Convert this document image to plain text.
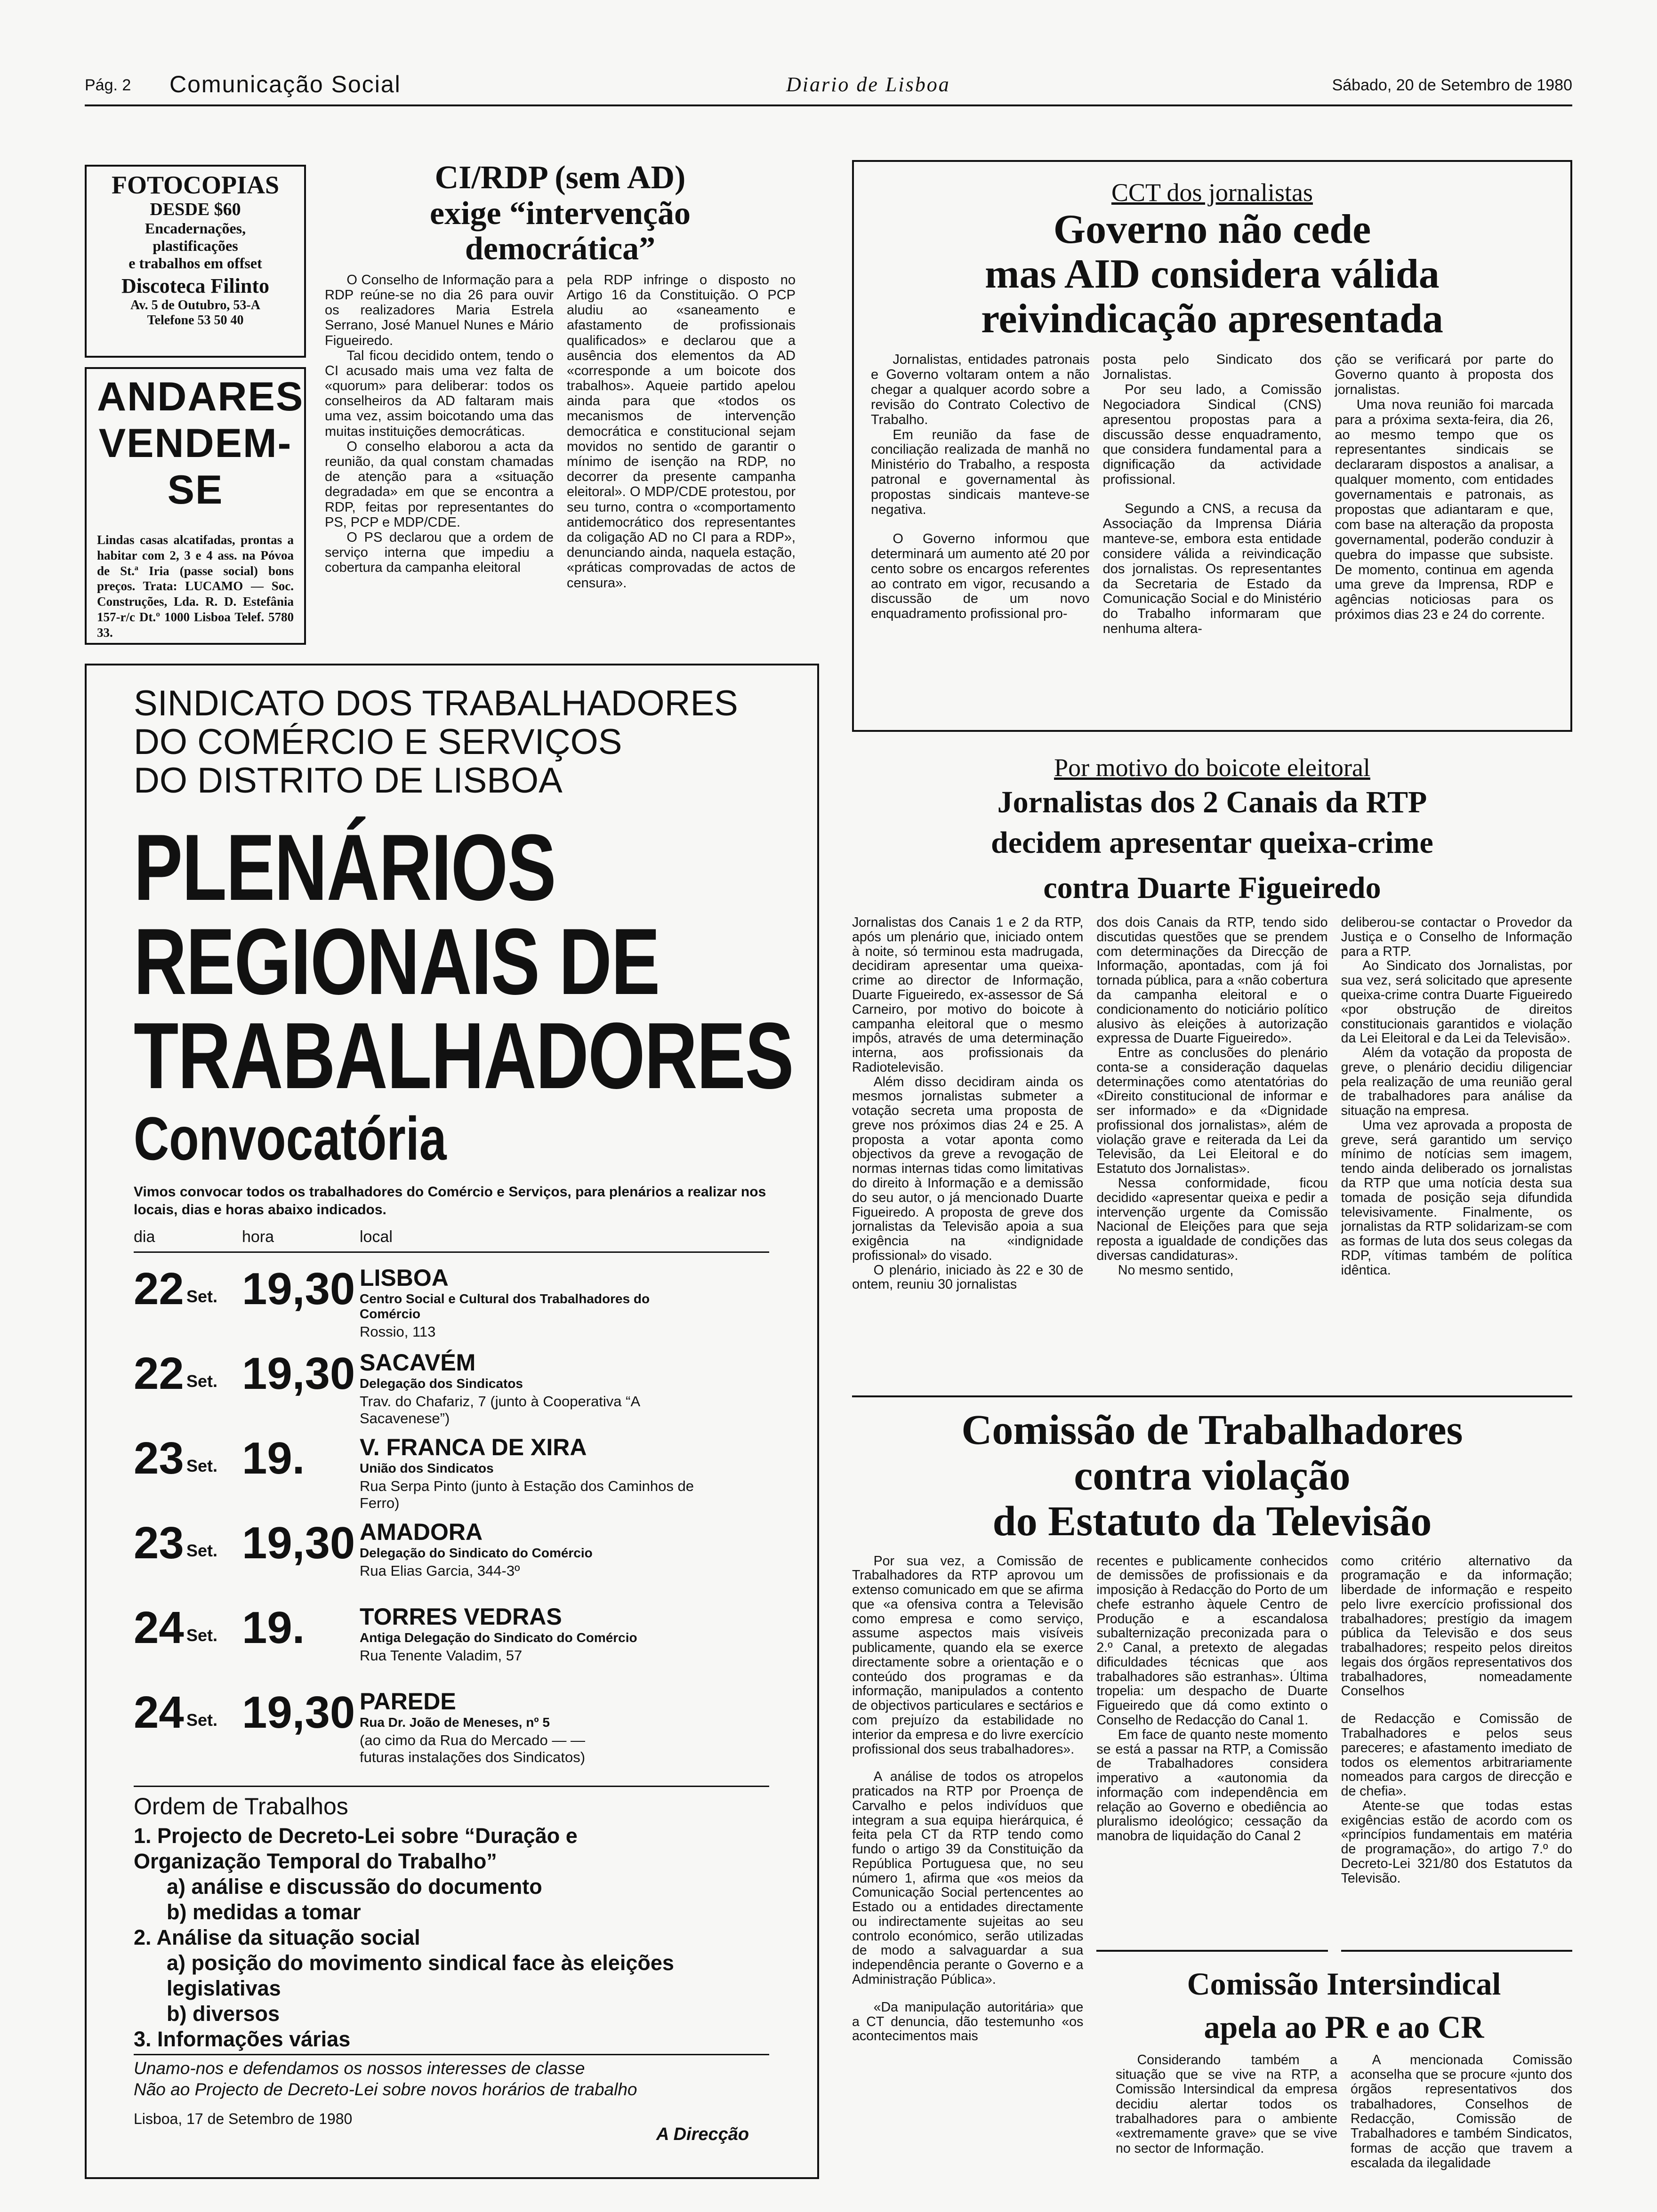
Pág. 2 Comunicação Social	Diario de Lisboa	Sábado, 20 de Setembro de 1980
FOTOCOPIAS
DESDE $60
Encadernações,
plastificações
e trabalhos em offset
Discoteca Filinto
Av. 5 de Outubro, 53-A
Telefone 53 50 40
ANDARES
VENDEM-SE
Lindas casas alcatifadas, prontas a habitar com 2, 3 e 4 ass. na Póvoa de St.ª Iria (passe social) bons preços. Trata: LUCAMO — Soc. Construções, Lda. R. D. Estefânia 157-r/c Dt.º 1000 Lisboa Telef. 5780 33.
CI/RDP (sem AD)
exige “intervenção
democrática”

O Conselho de Informação para a RDP reúne-se no dia 26 para ouvir os realizadores Maria Estrela Serrano, José Manuel Nunes e Mário Figueiredo.

Tal ficou decidido ontem, tendo o CI acusado mais uma vez falta de «quorum» para deliberar: todos os conselheiros da AD faltaram mais uma vez, assim boicotando uma das muitas instituições democráticas.

O conselho elaborou a acta da reunião, da qual constam chamadas de atenção para a «situação degradada» em que se encontra a RDP, feitas por representantes do PS, PCP e MDP/CDE.

O PS declarou que a ordem de serviço interna que impediu a cobertura da campanha eleitoral

pela RDP infringe o disposto no Artigo 16 da Constituição. O PCP aludiu ao «saneamento e afastamento de profissionais qualificados» e declarou que a ausência dos elementos da AD «corresponde a um boicote dos trabalhos». Aqueie partido apelou ainda para que «todos os mecanismos de intervenção democrática e constitucional sejam movidos no sentido de garantir o mínimo de isenção na RDP, no decorrer da presente campanha eleitoral». O MDP/CDE protestou, por seu turno, contra o «comportamento antidemocrático dos representantes da coligação AD no CI para a RDP», denunciando ainda, naquela estação, «práticas comprovadas de actos de censura».

CCT dos jornalistas
Governo não cede
mas AID considera válida
reivindicação apresentada

Jornalistas, entidades patronais e Governo voltaram ontem a não chegar a qualquer acordo sobre a revisão do Contrato Colectivo de Trabalho.

Em reunião da fase de conciliação realizada de manhã no Ministério do Trabalho, a resposta patronal e governamental às propostas sindicais manteve-se negativa.

O Governo informou que determinará um aumento até 20 por cento sobre os encargos referentes ao contrato em vigor, recusando a discussão de um novo enquadramento profissional pro-

posta pelo Sindicato dos Jornalistas.

Por seu lado, a Comissão Negociadora Sindical (CNS) apresentou propostas para a discussão desse enquadramento, que considera fundamental para a dignificação da actividade profissional.

Segundo a CNS, a recusa da Associação da Imprensa Diária manteve-se, embora esta entidade considere válida a reivindicação dos jornalistas. Os representantes da Secretaria de Estado da Comunicação Social e do Ministério do Trabalho informaram que nenhuma altera-

ção se verificará por parte do Governo quanto à proposta dos jornalistas.

Uma nova reunião foi marcada para a próxima sexta-feira, dia 26, ao mesmo tempo que os representantes sindicais se declararam dispostos a analisar, a qualquer momento, com entidades governamentais e patronais, as propostas que adiantaram e que, com base na alteração da proposta governamental, poderão conduzir à quebra do impasse que subsiste. De momento, continua em agenda uma greve da Imprensa, RDP e agências noticiosas para os próximos dias 23 e 24 do corrente.

SINDICATO DOS TRABALHADORES
DO COMÉRCIO E SERVIÇOS
DO DISTRITO DE LISBOA
PLENÁRIOS
REGIONAIS DE
TRABALHADORES
Convocatória
Vimos convocar todos os trabalhadores do Comércio e Serviços, para plenários a realizar nos locais, dias e horas abaixo indicados.
dia	hora	local
22 Set. 19,30 LISBOA
Centro Social e Cultural dos Trabalhadores do Comércio
Rossio, 113
22 Set. 19,30 SACAVÉM
Delegação dos Sindicatos
Trav. do Chafariz, 7 (junto à Cooperativa “A Sacavenese”)
23 Set. 19. V. FRANCA DE XIRA
União dos Sindicatos
Rua Serpa Pinto (junto à Estação dos Caminhos de Ferro)
23 Set. 19,30 AMADORA
Delegação do Sindicato do Comércio
Rua Elias Garcia, 344-3º
24 Set. 19. TORRES VEDRAS
Antiga Delegação do Sindicato do Comércio
Rua Tenente Valadim, 57
24 Set. 19,30 PAREDE
Rua Dr. João de Meneses, nº 5
(ao cimo da Rua do Mercado — — futuras instalações dos Sindicatos)
Ordem de Trabalhos
1. Projecto de Decreto-Lei sobre “Duração e
Organização Temporal do Trabalho”
a) análise e discussão do documento
b) medidas a tomar
2. Análise da situação social
a) posição do movimento sindical face às eleições
legislativas
b) diversos
3. Informações várias
Unamo-nos e defendamos os nossos interesses de classe
Não ao Projecto de Decreto-Lei sobre novos horários de trabalho
Lisboa, 17 de Setembro de 1980
A Direcção
Por motivo do boicote eleitoral
Jornalistas dos 2 Canais da RTP
decidem apresentar queixa-crime
contra Duarte Figueiredo

Jornalistas dos Canais 1 e 2 da RTP, após um plenário que, iniciado ontem à noite, só terminou esta madrugada, decidiram apresentar uma queixa-crime ao director de Informação, Duarte Figueiredo, ex-assessor de Sá Carneiro, por motivo do boicote à campanha eleitoral que o mesmo impôs, através de uma determinação interna, aos profissionais da Radiotelevisão.

Além disso decidiram ainda os mesmos jornalistas submeter a votação secreta uma proposta de greve nos próximos dias 24 e 25. A proposta a votar aponta como objectivos da greve a revogação de normas internas tidas como limitativas do direito à Informação e a demissão do seu autor, o já mencionado Duarte Figueiredo. A proposta de greve dos jornalistas da Televisão apoia a sua exigência na «indignidade profissional» do visado.

O plenário, iniciado às 22 e 30 de ontem, reuniu 30 jornalistas

dos dois Canais da RTP, tendo sido discutidas questões que se prendem com determinações da Direcção de Informação, apontadas, com já foi tornada pública, para a «não cobertura da campanha eleitoral e o condicionamento do noticiário político alusivo às eleições à autorização expressa de Duarte Figueiredo».

Entre as conclusões do plenário conta-se a consideração daquelas determinações como atentatórias do «Direito constitucional de informar e ser informado» e da «Dignidade profissional dos jornalistas», além de violação grave e reiterada da Lei da Televisão, da Lei Eleitoral e do Estatuto dos Jornalistas».

Nessa conformidade, ficou decidido «apresentar queixa e pedir a intervenção urgente da Comissão Nacional de Eleições para que seja reposta a igualdade de condições das diversas candidaturas».

No mesmo sentido,

deliberou-se contactar o Provedor da Justiça e o Conselho de Informação para a RTP.

Ao Sindicato dos Jornalistas, por sua vez, será solicitado que apresente queixa-crime contra Duarte Figueiredo «por obstrução de direitos constitucionais garantidos e violação da Lei Eleitoral e da Lei da Televisão».

Além da votação da proposta de greve, o plenário decidiu diligenciar pela realização de uma reunião geral de trabalhadores para análise da situação na empresa.

Uma vez aprovada a proposta de greve, será garantido um serviço mínimo de notícias sem imagem, tendo ainda deliberado os jornalistas da RTP que uma notícia desta sua tomada de posição seja difundida televisivamente. Finalmente, os jornalistas da RTP solidarizam-se com as formas de luta dos seus colegas da RDP, vítimas também de política idêntica.

Comissão de Trabalhadores
contra violação
do Estatuto da Televisão

Por sua vez, a Comissão de Trabalhadores da RTP aprovou um extenso comunicado em que se afirma que «a ofensiva contra a Televisão como empresa e como serviço, assume aspectos mais visíveis publicamente, quando ela se exerce directamente sobre a orientação e o conteúdo dos programas e da informação, manipulados a contento de objectivos particulares e sectários e com prejuízo da estabilidade no interior da empresa e do livre exercício profissional dos seus trabalhadores».

A análise de todos os atropelos praticados na RTP por Proença de Carvalho e pelos indivíduos que integram a sua equipa hierárquica, é feita pela CT da RTP tendo como fundo o artigo 39 da Constituição da República Portuguesa que, no seu número 1, afirma que «os meios da Comunicação Social pertencentes ao Estado ou a entidades directamente ou indirectamente sujeitas ao seu controlo económico, serão utilizadas de modo a salvaguardar a sua independência perante o Governo e a Administração Pública».

«Da manipulação autoritária» que a CT denuncia, dão testemunho «os acontecimentos mais

recentes e publicamente conhecidos de demissões de profissionais e da imposição à Redacção do Porto de um chefe estranho àquele Centro de Produção e a escandalosa subalternização preconizada para o 2.º Canal, a pretexto de alegadas dificuldades técnicas que aos trabalhadores são estranhas». Última tropelia: um despacho de Duarte Figueiredo que dá como extinto o Conselho de Redacção do Canal 1.

Em face de quanto neste momento se está a passar na RTP, a Comissão de Trabalhadores considera imperativo a «autonomia da informação com independência em relação ao Governo e obediência ao pluralismo ideológico; cessação da manobra de liquidação do Canal 2

como critério alternativo da programação e da informação; liberdade de informação e respeito pelo livre exercício profissional dos trabalhadores; prestígio da imagem pública da Televisão e dos seus trabalhadores; respeito pelos direitos legais dos órgãos representativos dos trabalhadores, nomeadamente Conselhos

de Redacção e Comissão de Trabalhadores e pelos seus pareceres; e afastamento imediato de todos os elementos arbitrariamente nomeados para cargos de direcção e de chefia».

Atente-se que todas estas exigências estão de acordo com os «princípios fundamentais em matéria de programação», do artigo 7.º do Decreto-Lei 321/80 dos Estatutos da Televisão.

Comissão Intersindical
apela ao PR e ao CR

Considerando também a situação que se vive na RTP, a Comissão Intersindical da empresa decidiu alertar todos os trabalhadores para o ambiente «extremamente grave» que se vive no sector de Informação.

A mencionada Comissão aconselha que se procure «junto dos órgãos representativos dos trabalhadores, Conselhos de Redacção, Comissão de Trabalhadores e também Sindicatos, formas de acção que travem a escalada da ilegalidade
